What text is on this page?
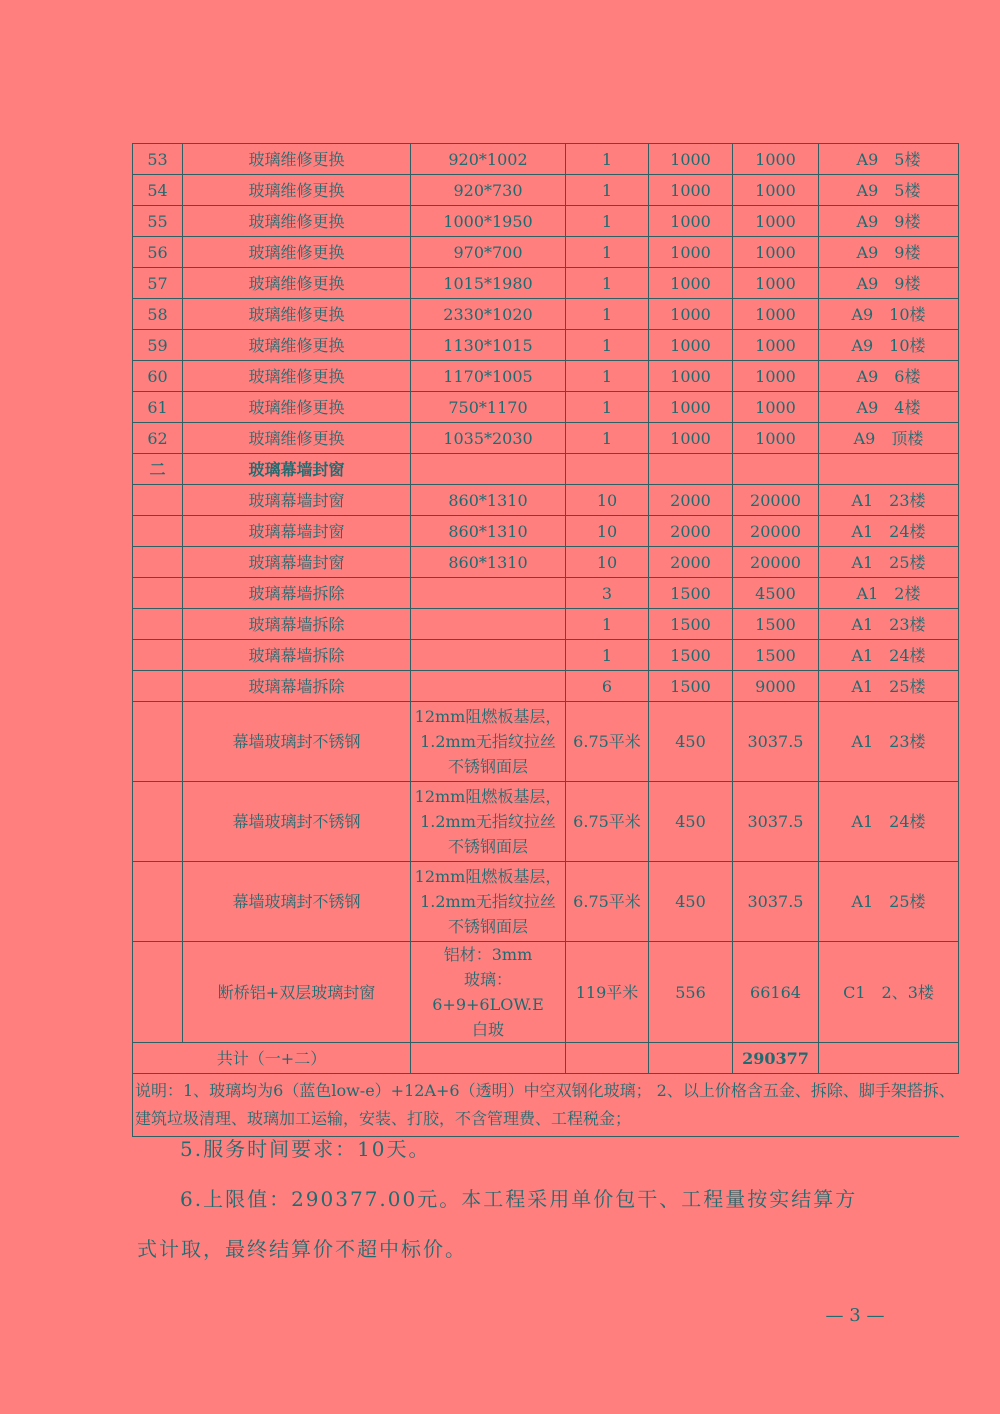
53	玻璃维修更换	920*1002	1	1000	1000	A9　5楼
54	玻璃维修更换	920*730	1	1000	1000	A9　5楼
55	玻璃维修更换	1000*1950	1	1000	1000	A9　9楼
56	玻璃维修更换	970*700	1	1000	1000	A9　9楼
57	玻璃维修更换	1015*1980	1	1000	1000	A9　9楼
58	玻璃维修更换	2330*1020	1	1000	1000	A9　10楼
59	玻璃维修更换	1130*1015	1	1000	1000	A9　10楼
60	玻璃维修更换	1170*1005	1	1000	1000	A9　6楼
61	玻璃维修更换	750*1170	1	1000	1000	A9　4楼
62	玻璃维修更换	1035*2030	1	1000	1000	A9　顶楼
二	玻璃幕墙封窗					
	玻璃幕墙封窗	860*1310	10	2000	20000	A1　23楼
	玻璃幕墙封窗	860*1310	10	2000	20000	A1　24楼
	玻璃幕墙封窗	860*1310	10	2000	20000	A1　25楼
	玻璃幕墙拆除		3	1500	4500	A1　2楼
	玻璃幕墙拆除		1	1500	1500	A1　23楼
	玻璃幕墙拆除		1	1500	1500	A1　24楼
	玻璃幕墙拆除		6	1500	9000	A1　25楼
	幕墙玻璃封不锈钢	12mm阻燃板基层，
1.2mm无指纹拉丝
不锈钢面层	6.75平米	450	3037.5	A1　23楼
	幕墙玻璃封不锈钢	12mm阻燃板基层，
1.2mm无指纹拉丝
不锈钢面层	6.75平米	450	3037.5	A1　24楼
	幕墙玻璃封不锈钢	12mm阻燃板基层，
1.2mm无指纹拉丝
不锈钢面层	6.75平米	450	3037.5	A1　25楼
	断桥铝+双层玻璃封窗	铝材：3mm
玻璃：6+9+6LOW.E
白玻	119平米	556	66164	C1　2、3楼
共计（一+二）					290377	
说明：1、玻璃均为6（蓝色low-e）+12A+6（透明）中空双钢化玻璃； 2、以上价格含五金、拆除、脚手架搭拆、建筑垃圾清理、玻璃加工运输，安装、打胶，不含管理费、工程税金；						
5.服务时间要求：10天。
6.上限值：290377.00元。本工程采用单价包干、工程量按实结算方
式计取，最终结算价不超中标价。
— 3 —
